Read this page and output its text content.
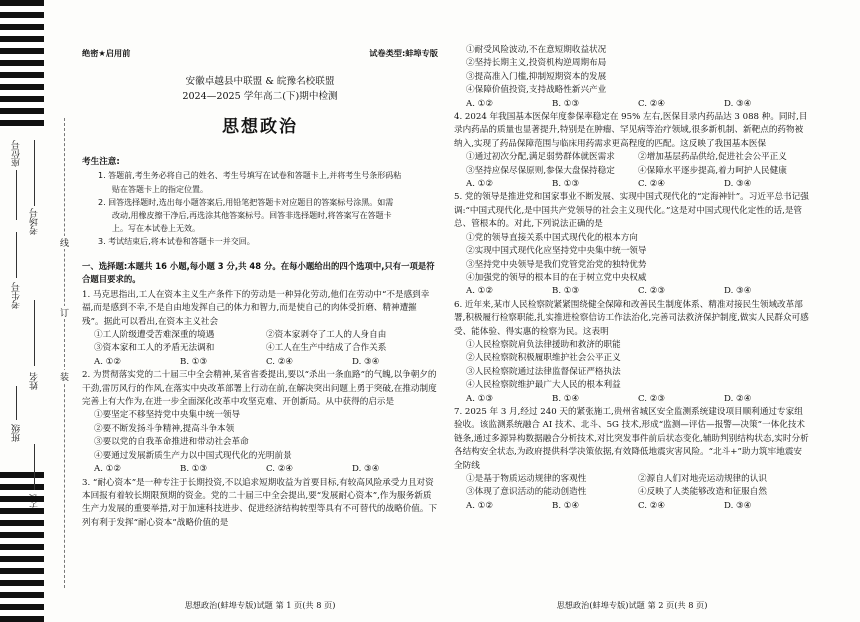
座位号
考场号
考生号
姓名
班级
学校
线
订
装
绝密★启用前	试卷类型:蚌埠专版

安徽卓越县中联盟 & 皖豫名校联盟

2024—2025 学年高二(下)期中检测

思想政治

考生注意:

1. 答题前,考生务必将自己的姓名、考生号填写在试卷和答题卡上,并将考生号条形码粘

贴在答题卡上的指定位置。

2. 回答选择题时,选出每小题答案后,用铅笔把答题卡对应题目的答案标号涂黑。如需

改动,用橡皮擦干净后,再选涂其他答案标号。回答非选择题时,将答案写在答题卡

上。写在本试卷上无效。

3. 考试结束后,将本试卷和答题卡一并交回。

一、选择题:本题共 16 小题,每小题 3 分,共 48 分。在每小题给出的四个选项中,只有一项是符合题目要求的。

1. 马克思指出,工人在资本主义生产条件下的劳动是一种异化劳动,他们在劳动中“不是感到幸福,而是感到不幸,不是自由地发挥自己的体力和智力,而是使自己的肉体受折磨、精神遭摧残”。据此可以看出,在资本主义社会

①工人阶级遭受苦难深重的境遇	②资本家剥夺了工人的人身自由
③资本家和工人的矛盾无法调和	④工人在生产中结成了合作关系
A. ①②	B. ①③	C. ②④	D. ③④

2. 为贯彻落实党的二十届三中全会精神,某省省委提出,要以“杀出一条血路”的气魄,以争朝夕的干劲,雷厉风行的作风,在落实中央改革部署上行动在前,在解决突出问题上勇于突破,在推动制度完善上有大作为,在进一步全面深化改革中攻坚克难、开创新局。从中获得的启示是

①要坚定不移坚持党中央集中统一领导

②要不断发扬斗争精神,提高斗争本领

③要以党的自我革命推进和带动社会革命

④要通过发展新质生产力以中国式现代化的光明前景

A. ①②	B. ①③	C. ②④	D. ③④

3. “耐心资本”是一种专注于长期投资,不以追求短期收益为首要目标,有较高风险承受力且对资本回报有着较长期限预期的资金。党的二十届三中全会提出,要“发展耐心资本”,作为服务新质生产力发展的重要举措,对于加速科技进步、促进经济结构转型等具有不可替代的战略价值。下列有利于发挥“耐心资本”战略价值的是

思想政治(蚌埠专版)试题 第 1 页(共 8 页)

①耐受风险波动,不在意短期收益状况

②坚持长期主义,投资机构逆周期布局

③提高准入门槛,抑制短期资本的发展

④保障价值投资,支持战略性新兴产业

A. ①②	B. ①③	C. ②④	D. ③④

4. 2024 年我国基本医保年度参保率稳定在 95% 左右,医保目录内药品达 3 088 种。同时,目录内药品的质量也显著提升,特别是在肿瘤、罕见病等治疗领域,很多新机制、新靶点的药物被纳入,实现了药品保障范围与临床用药需求更高程度的匹配。这反映了我国基本医保

①通过初次分配,满足弱势群体就医需求	②增加基层药品供给,促进社会公平正义
③坚持应保尽保原则,参保大盘保持稳定	④保障水平逐步提高,着力呵护人民健康
A. ①②	B. ①③	C. ②④	D. ③④

5. 党的领导是推进党和国家事业不断发展、实现中国式现代化的“定海神针”。习近平总书记强调:“中国式现代化,是中国共产党领导的社会主义现代化。”这是对中国式现代化定性的话,是管总、管根本的。对此,下列说法正确的是

①党的领导直接关系中国式现代化的根本方向

②实现中国式现代化应坚持党中央集中统一领导

③坚持党中央领导是我们党管党治党的独特优势

④加强党的领导的根本目的在于树立党中央权威

A. ①②	B. ①③	C. ②③	D. ③④

6. 近年来,某市人民检察院紧紧围绕健全保障和改善民生制度体系、精准对接民生领域改革部署,积极履行检察职能,扎实推进检察信访工作法治化,完善司法救济保护制度,做实人民群众可感受、能体验、得实惠的检察为民。这表明

①人民检察院肩负法律援助和救济的职能

②人民检察院积极履职维护社会公平正义

③人民检察院通过法律监督保证严格执法

④人民检察院维护最广大人民的根本利益

A. ①③	B. ①④	C. ②③	D. ②④

7. 2025 年 3 月,经过 240 天的紧张施工,贵州省城区安全监测系统建设项目顺利通过专家组验收。该监测系统融合 AI 技术、北斗、5G 技术,形成“监测—评估—报警—决策”一体化技术链条,通过多源异构数据融合分析技术,对比突发事件前后状态变化,辅助判别结构状态,实时分析各结构安全状态,为政府提供科学决策依据,有效降低地震灾害风险。“北斗+”助力筑牢地震安全防线

①是基于物质运动规律的客观性	②源自人们对地壳运动规律的认识
③体现了意识活动的能动创造性	④反映了人类能够改造和征服自然
A. ①②	B. ①④	C. ②④	D. ③④
思想政治(蚌埠专版)试题 第 2 页(共 8 页)
